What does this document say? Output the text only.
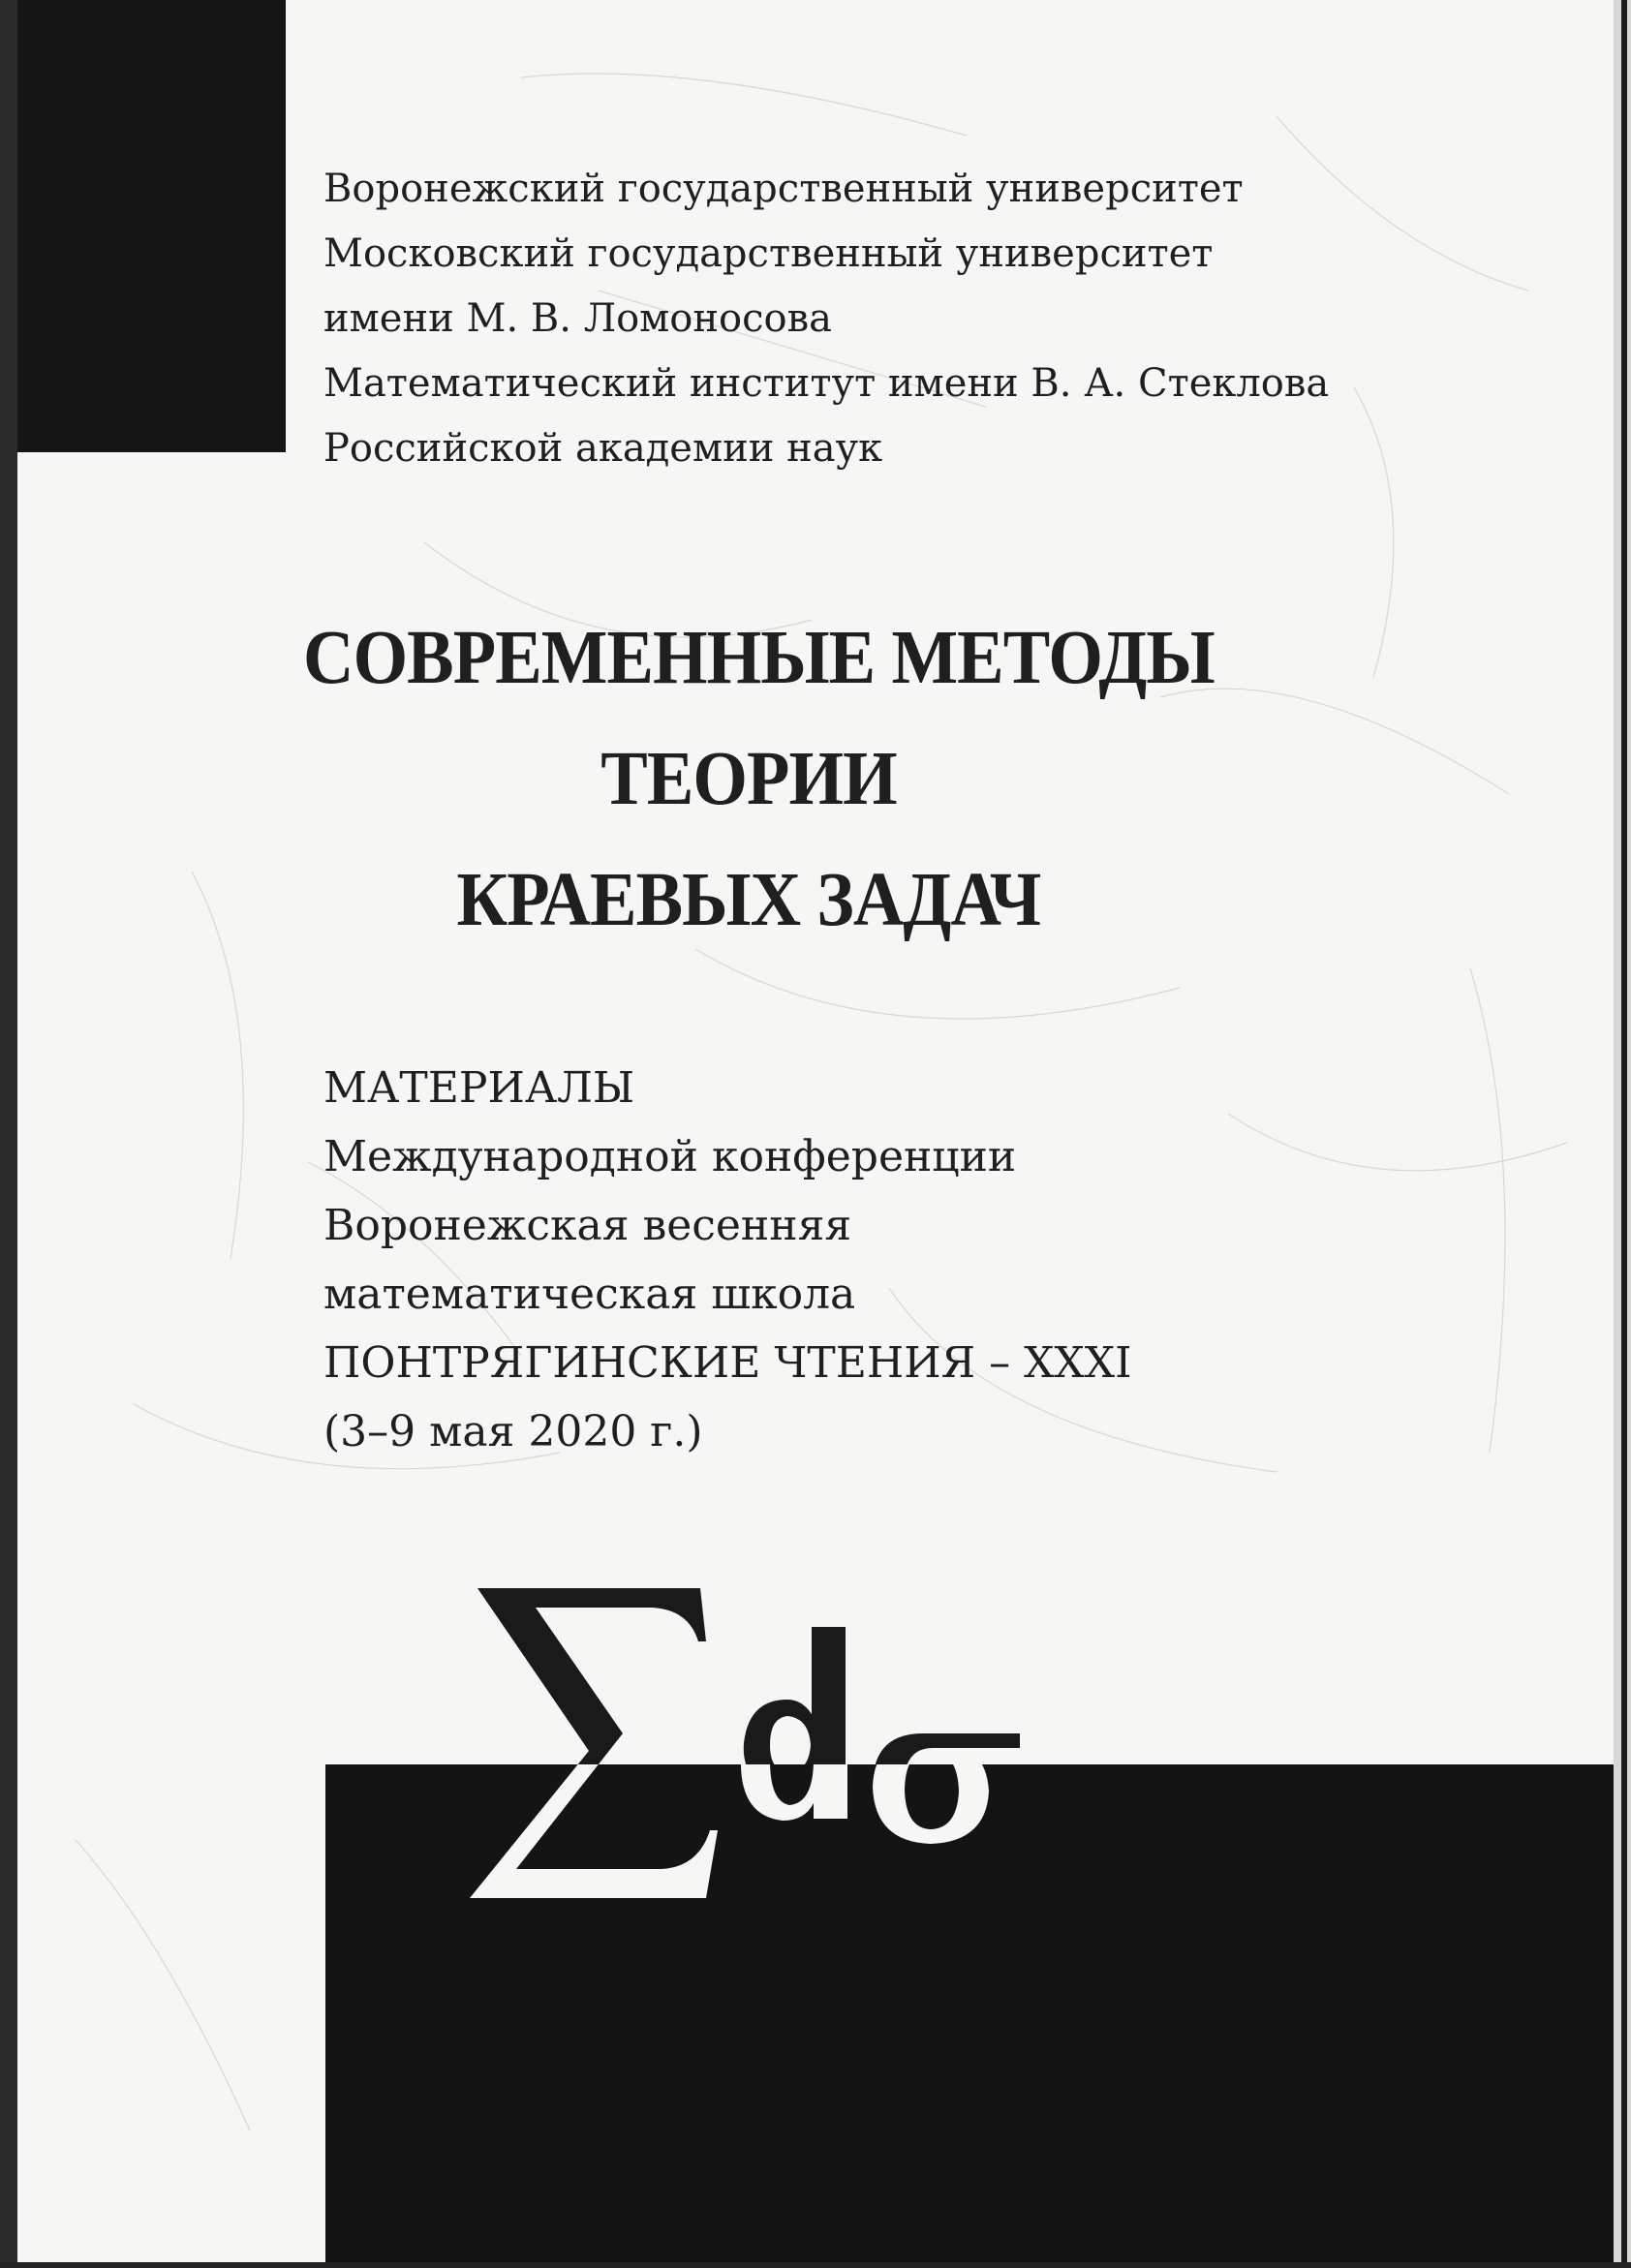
Воронежский государственный университет
Московский государственный университет
имени М. В. Ломоносова
Математический институт имени В. А. Стеклова
Российской академии наук
СОВРЕМЕННЫЕ МЕТОДЫ
ТЕОРИИ
КРАЕВЫХ ЗАДАЧ
МАТЕРИАЛЫ
Международной конференции
Воронежская весенняя
математическая школа
ПОНТРЯГИНСКИЕ ЧТЕНИЯ – XXXI
(3–9 мая 2020 г.)
